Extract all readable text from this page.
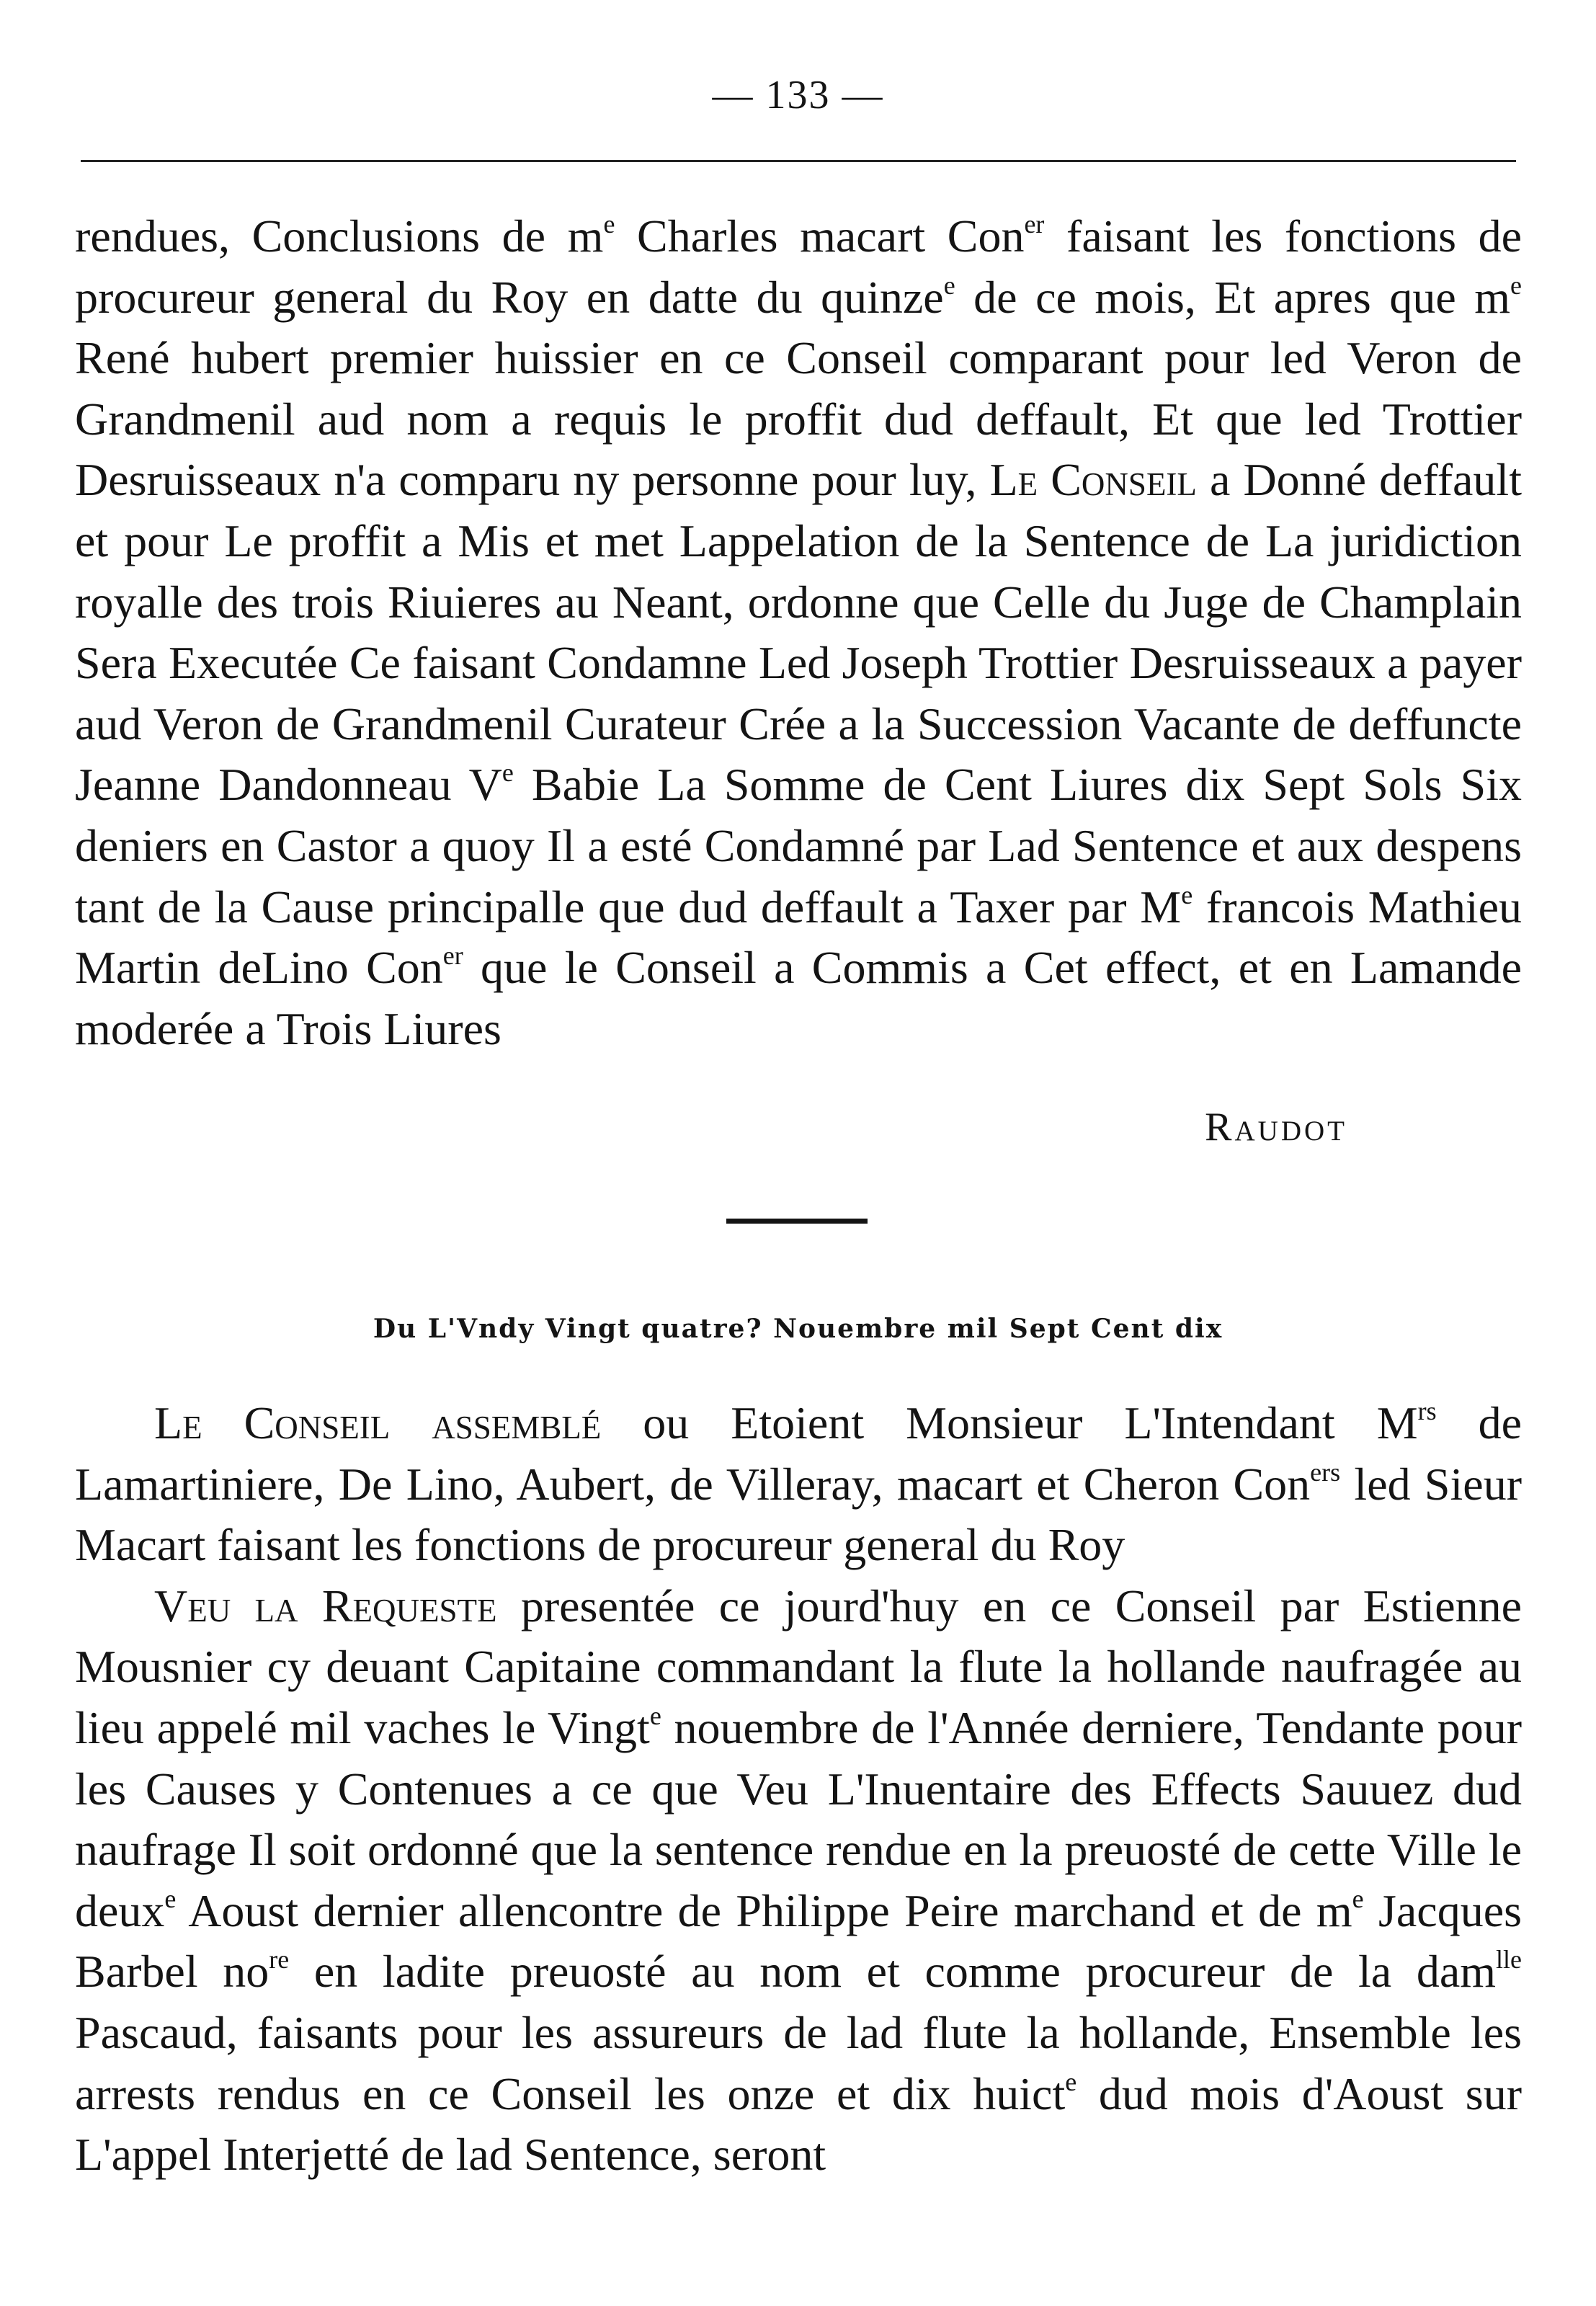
— 133 —

rendues, Conclusions de $m^e$ Charles macart Con$^{er}$ faisant les fonctions de procureur general du Roy en datte du quinze$^e$ de ce mois, Et apres que $m^e$ René hubert premier huissier en ce Conseil comparant pour led Veron de Grandmenil aud nom a requis le proffit dud deffault, Et que led Trottier Desruisseaux n'a comparu ny personne pour luy, Le Conseil a Donné deffault et pour Le proffit a Mis et met Lappelation de la Sentence de La juridiction royalle des trois Riuieres au Neant, ordonne que Celle du Juge de Champlain Sera Executée Ce faisant Condamne Led Joseph Trottier Desruisseaux a payer aud Veron de Grandmenil Curateur Crée a la Succession Vacante de deffuncte Jeanne Dandonneau Ve Babie La Somme de Cent Liures dix Sept Sols Six deniers en Castor a quoy Il a esté Condamné par Lad Sentence et aux despens tant de la Cause principalle que dud deffault a Taxer par Me francois Mathieu Martin deLino Con$^{er}$ que le Conseil a Commis a Cet effect, et en Lamande moderée a Trois Liures

Raudot
Du L'Vndy Vingt quatre? Nouembre mil Sept Cent dix

Le Conseil assemblé ou Etoient Monsieur L'Intendant $M^{rs}$ de Lamartiniere, De Lino, Aubert, de Villeray, macart et Cheron Con$^{ers}$ led Sieur Macart faisant les fonctions de procureur general du Roy

Veu la Requeste presentée ce jourd'huy en ce Conseil par Estienne Mousnier cy deuant Capitaine commandant la flute la hollande naufragée au lieu appelé mil vaches le Vingt$^e$ nouembre de l'Année derniere, Tendante pour les Causes y Contenues a ce que Veu L'Inuentaire des Effects Sauuez dud naufrage Il soit ordonné que la sentence rendue en la preuosté de cette Ville le deux$^e$ Aoust dernier allencontre de Philippe Peire marchand et de $m^e$ Jacques Barbel $no^{re}$ en ladite preuosté au nom et comme procureur de la dam$^{lle}$ Pascaud, faisants pour les assureurs de lad flute la hollande, Ensemble les arrests rendus en ce Conseil les onze et dix huict$^e$ dud mois d'Aoust sur L'appel Interjetté de lad Sentence, seront
